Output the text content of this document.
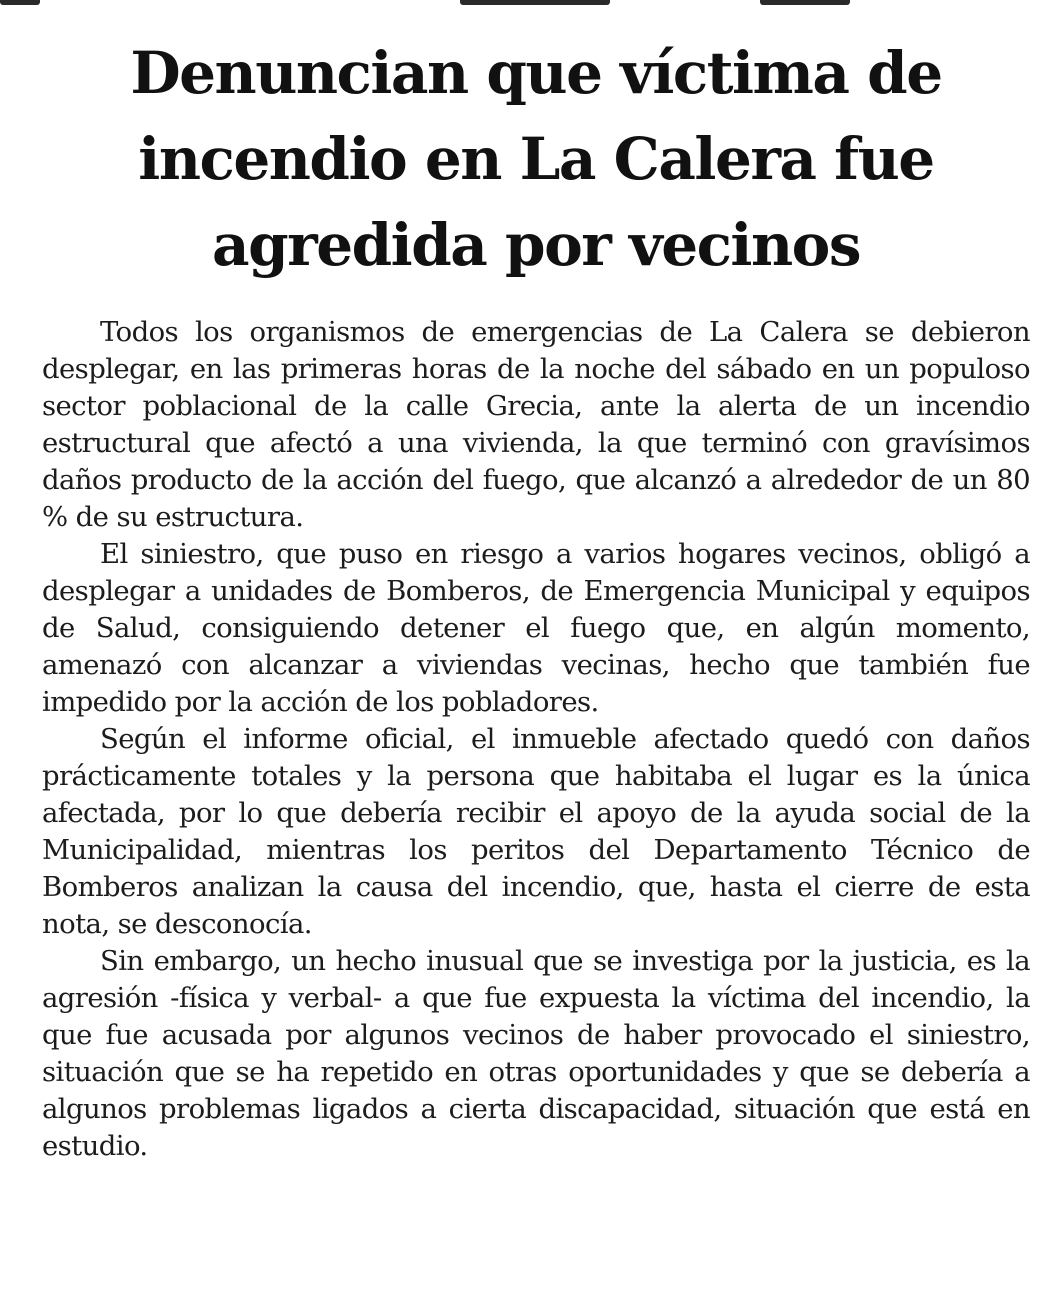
Denuncian que víctima de
incendio en La Calera fue
agredida por vecinos

Todos los organismos de emergencias de La Calera se debieron desplegar, en las primeras horas de la noche del sábado en un populoso sector poblacional de la calle Grecia, ante la alerta de un incendio estructural que afectó a una vivienda, la que terminó con gravísimos daños producto de la acción del fuego, que alcanzó a alrededor de un 80 % de su estructura.

El siniestro, que puso en riesgo a varios hogares vecinos, obligó a desplegar a unidades de Bomberos, de Emergencia Municipal y equipos de Salud, consiguiendo detener el fuego que, en algún momento, amenazó con alcanzar a viviendas vecinas, hecho que también fue impedido por la acción de los pobladores.

Según el informe oficial, el inmueble afectado quedó con daños prácticamente totales y la persona que habitaba el lugar es la única afectada, por lo que debería recibir el apoyo de la ayuda social de la Municipalidad, mientras los peritos del Departamento Técnico de Bomberos analizan la causa del incendio, que, hasta el cierre de esta nota, se desconocía.

Sin embargo, un hecho inusual que se investiga por la justicia, es la agresión -física y verbal- a que fue expuesta la víctima del incendio, la que fue acusada por algunos vecinos de haber provocado el siniestro, situación que se ha repetido en otras oportunidades y que se debería a algunos problemas ligados a cierta discapacidad, situación que está en estudio.
